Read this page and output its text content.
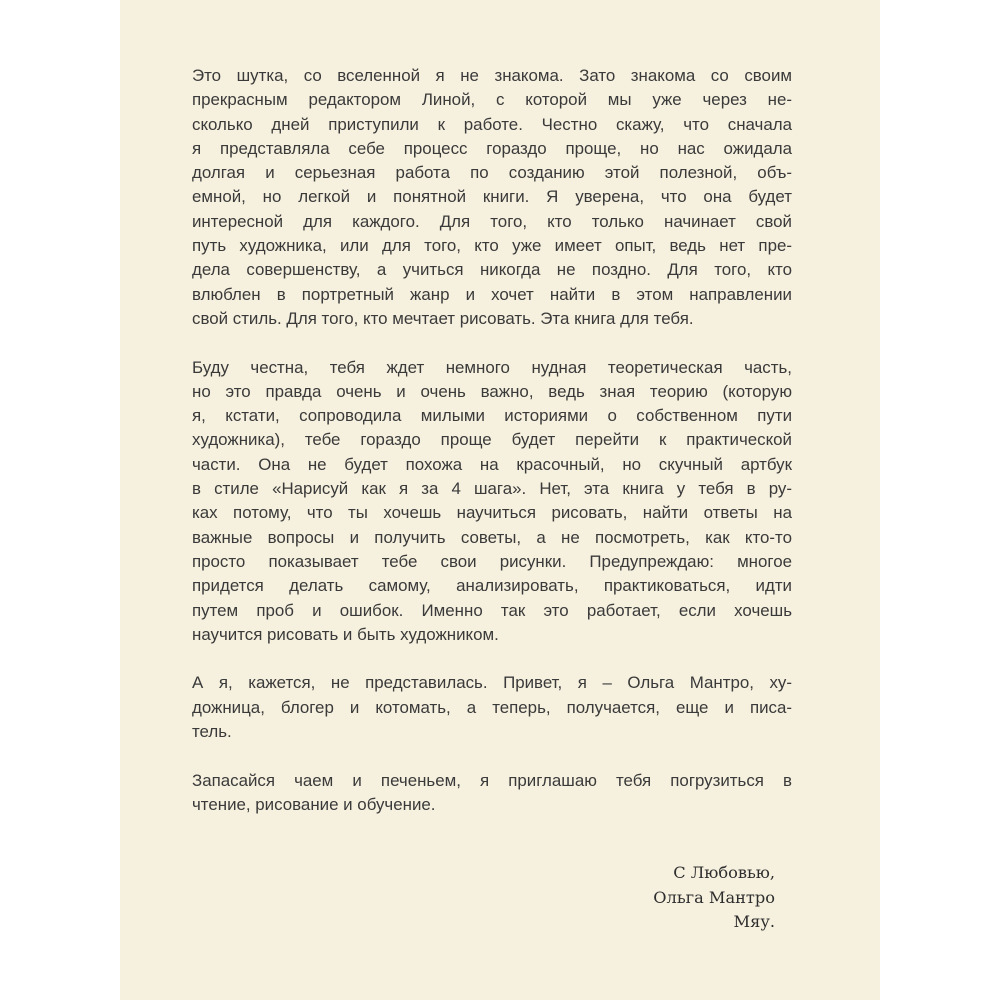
Это шутка, со вселенной я не знакома. Зато знакома со своим
прекрасным редактором Линой, с которой мы уже через не-
сколько дней приступили к работе. Честно скажу, что сначала
я представляла себе процесс гораздо проще, но нас ожидала
долгая и серьезная работа по созданию этой полезной, объ-
емной, но легкой и понятной книги. Я уверена, что она будет
интересной для каждого. Для того, кто только начинает свой
путь художника, или для того, кто уже имеет опыт, ведь нет пре-
дела совершенству, а учиться никогда не поздно. Для того, кто
влюблен в портретный жанр и хочет найти в этом направлении
свой стиль. Для того, кто мечтает рисовать. Эта книга для тебя.
Буду честна, тебя ждет немного нудная теоретическая часть,
но это правда очень и очень важно, ведь зная теорию (которую
я, кстати, сопроводила милыми историями о собственном пути
художника), тебе гораздо проще будет перейти к практической
части. Она не будет похожа на красочный, но скучный артбук
в стиле «Нарисуй как я за 4 шага». Нет, эта книга у тебя в ру-
ках потому, что ты хочешь научиться рисовать, найти ответы на
важные вопросы и получить советы, а не посмотреть, как кто-то
просто показывает тебе свои рисунки. Предупреждаю: многое
придется делать самому, анализировать, практиковаться, идти
путем проб и ошибок. Именно так это работает, если хочешь
научится рисовать и быть художником.
А я, кажется, не представилась. Привет, я – Ольга Мантро, ху-
дожница, блогер и котомать, а теперь, получается, еще и писа-
тель.
Запасайся чаем и печеньем, я приглашаю тебя погрузиться в
чтение, рисование и обучение.
С Любовью,
Ольга Мантро
Мяу.
